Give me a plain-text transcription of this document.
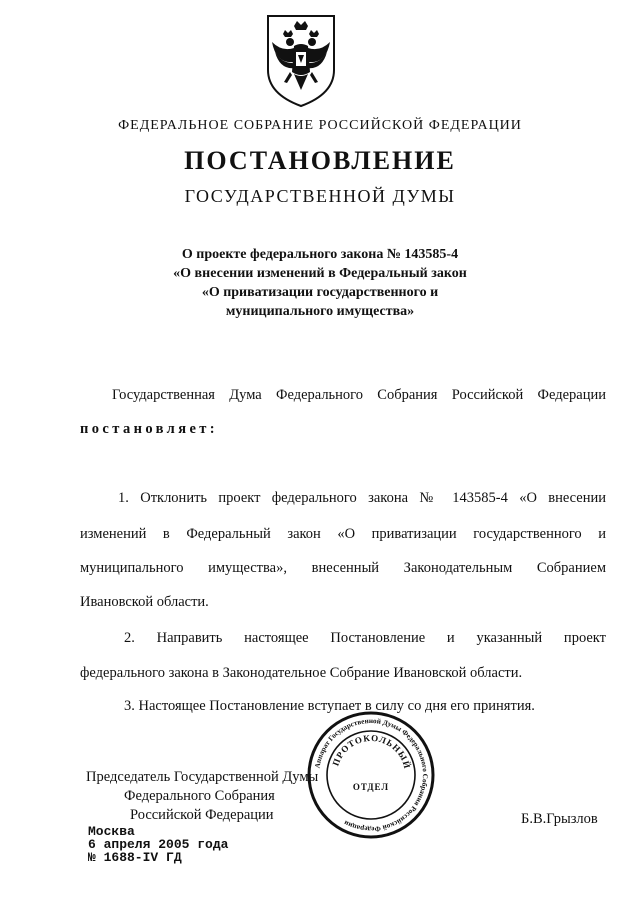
ФЕДЕРАЛЬНОЕ СОБРАНИЕ РОССИЙСКОЙ ФЕДЕРАЦИИ
ПОСТАНОВЛЕНИЕ
ГОСУДАРСТВЕННОЙ ДУМЫ
О проекте федерального закона № 143585-4
«О внесении изменений в Федеральный закон
«О приватизации государственного и
муниципального имущества»
Государственная Дума Федерального Собрания Российской Федерации
постановляет:
1. Отклонить проект федерального закона № 143585-4 «О внесении
изменений в Федеральный закон «О приватизации государственного и
муниципального имущества», внесенный Законодательным Собранием
Ивановской области.
2. Направить настоящее Постановление и указанный проект
федерального закона в Законодательное Собрание Ивановской области.
3. Настоящее Постановление вступает в силу со дня его принятия.
Председатель Государственной Думы
Федерального Собрания
Российской Федерации	Б.В.Грызлов
Москва
6 апреля 2005 года
№ 1688-IV ГД
Аппарат Государственной Думы Федерального Собрания Российской Федерации
ПРОТОКОЛЬНЫЙ
ОТДЕЛ
